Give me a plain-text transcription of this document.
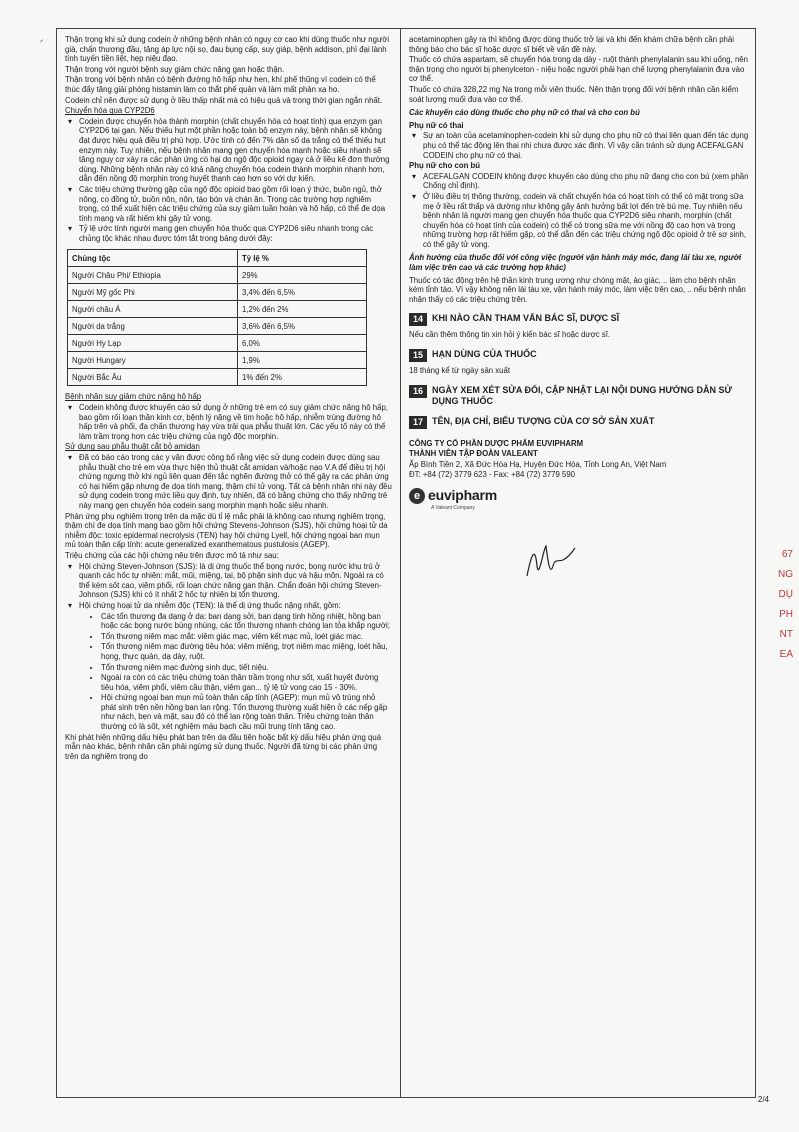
ᐟ	Thận trọng khi sử dụng codein ở những bệnh nhân có nguy cơ cao khi dùng thuốc như người già, chấn thương đầu, tăng áp lực nội sọ, đau bụng cấp, suy giáp, bệnh addison, phì đại lành tính tuyến tiền liệt, hẹp niệu đạo.

Thận trọng với người bệnh suy giảm chức năng gan hoặc thận.

Thận trọng với bệnh nhân có bệnh đường hô hấp như hen, khí phế thũng vì codein có thể thúc đẩy tăng giải phóng histamin làm co thắt phế quản và làm mất phản xạ ho.

Codein chỉ nên được sử dụng ở liều thấp nhất mà có hiệu quả và trong thời gian ngắn nhất.

Chuyển hóa qua CYP2D6

▾ Codein được chuyển hóa thành morphin (chất chuyển hóa có hoạt tính) qua enzym gan CYP2D6 tại gan. Nếu thiếu hụt một phần hoặc toàn bộ enzym này, bệnh nhân sẽ không đạt được hiệu quả điều trị phù hợp. Ước tính có đến 7% dân số da trắng có thể thiếu hụt enzym này. Tuy nhiên, nếu bệnh nhân mang gen chuyển hóa mạnh hoặc siêu nhanh sẽ tăng nguy cơ xảy ra các phản ứng có hại do ngộ độc opioid ngay cả ở liều kê đơn thường dùng. Những bệnh nhân này có khả năng chuyển hóa codein thành morphin nhanh hơn, dẫn đến nồng độ morphin trong huyết thanh cao hơn so với dự kiến.
▾ Các triệu chứng thường gặp của ngộ độc opioid bao gồm rối loạn ý thức, buồn ngủ, thở nông, co đồng tử, buồn nôn, nôn, táo bón và chán ăn. Trong các trường hợp nghiêm trọng, có thể xuất hiện các triệu chứng của suy giảm tuần hoàn và hô hấp, có thể đe dọa tính mạng và rất hiếm khi gây tử vong.
▾ Tỷ lệ ước tính người mang gen chuyển hóa thuốc qua CYP2D6 siêu nhanh trong các chủng tộc khác nhau được tóm tắt trong bảng dưới đây:
Chủng tộc	Tỷ lệ %
Người Châu Phi/ Ethiopia	29%
Người Mỹ gốc Phi	3,4% đến 6,5%
Người châu Á	1,2% đến 2%
Người da trắng	3,6% đến 6,5%
Người Hy Lạp	6,0%
Người Hungary	1,9%
Người Bắc Âu	1% đến 2%

Bệnh nhân suy giảm chức năng hô hấp

▾ Codein không được khuyến cáo sử dụng ở những trẻ em có suy giảm chức năng hô hấp, bao gồm rối loạn thần kinh cơ, bệnh lý nặng về tim hoặc hô hấp, nhiễm trùng đường hô hấp trên và phổi, đa chấn thương hay vừa trải qua phẫu thuật lớn. Các yếu tố này có thể làm trầm trọng hơn các triệu chứng của ngộ độc morphin.

Sử dụng sau phẫu thuật cắt bỏ amidan

▾ Đã có báo cáo trong các y văn được công bố rằng việc sử dụng codein được dùng sau phẫu thuật cho trẻ em vừa thực hiện thủ thuật cắt amidan và/hoặc nạo V.A để điều trị hội chứng ngưng thở khi ngủ liên quan đến tắc nghẽn đường thở có thể gây ra các phản ứng có hại hiếm gặp nhưng đe dọa tính mạng, thậm chí tử vong. Tất cả bệnh nhân nhi này đều sử dụng codein trong mức liều quy định, tuy nhiên, đã có bằng chứng cho thấy những trẻ này mang gen chuyển hóa codein sang morphin mạnh hoặc siêu nhanh.

Phản ứng phụ nghiêm trọng trên da mặc dù tỉ lệ mắc phải là không cao nhưng nghiêm trọng, thậm chí đe dọa tính mạng bao gồm hội chứng Stevens-Johnson (SJS), hội chứng hoại tử da nhiễm độc: toxic epidermal necrolysis (TEN) hay hội chứng Lyell, hội chứng ngoại ban mụn mủ toàn thân cấp tính: acute generalized exanthematous pustulosis (AGEP).

Triệu chứng của các hội chứng nêu trên được mô tả như sau:

▾ Hội chứng Steven-Johnson (SJS): là dị ứng thuốc thể bọng nước, bọng nước khu trú ở quanh các hốc tự nhiên: mắt, mũi, miệng, tai, bộ phận sinh dục và hậu môn. Ngoài ra có thể kèm sốt cao, viêm phổi, rối loạn chức năng gan thận. Chẩn đoán hội chứng Steven-Johnson (SJS) khi có ít nhất 2 hốc tự nhiên bị tổn thương.
▾ Hội chứng hoại tử da nhiễm độc (TEN): là thể dị ứng thuốc nặng nhất, gồm:
• Các tổn thương đa dạng ở da: ban dạng sởi, ban dạng tinh hồng nhiệt, hồng ban hoặc các bọng nước bùng nhùng, các tổn thương nhanh chóng lan tỏa khắp người;
• Tổn thương niêm mạc mắt: viêm giác mạc, viêm kết mạc mủ, loét giác mạc.
• Tổn thương niêm mạc đường tiêu hóa: viêm miệng, trợt niêm mạc miệng, loét hầu, họng, thực quản, dạ dày, ruột.
• Tổn thương niêm mạc đường sinh dục, tiết niệu.
• Ngoài ra còn có các triệu chứng toàn thân trầm trọng như sốt, xuất huyết đường tiêu hóa, viêm phổi, viêm cầu thận, viêm gan... tỷ lệ tử vong cao 15 - 30%.
• Hội chứng ngoại ban mụn mủ toàn thân cấp tính (AGEP): mụn mủ vô trùng nhỏ phát sinh trên nền hồng ban lan rộng. Tổn thương thường xuất hiện ở các nếp gấp như nách, bẹn và mặt, sau đó có thể lan rộng toàn thân. Triệu chứng toàn thân thường có là sốt, xét nghiệm máu bạch cầu mũi trung tính tăng cao.

Khi phát hiện những dấu hiệu phát ban trên da đầu tiên hoặc bất kỳ dấu hiệu phản ứng quá mẫn nào khác, bệnh nhân cần phải ngừng sử dụng thuốc. Người đã từng bị các phản ứng trên da nghiêm trọng do

acetaminophen gây ra thì không được dùng thuốc trở lại và khi đến khám chữa bệnh cần phải thông báo cho bác sĩ hoặc dược sĩ biết về vấn đề này.

Thuốc có chứa aspartam, sẽ chuyển hóa trong dạ dày - ruột thành phenylalanin sau khi uống, nên thận trọng cho người bị phenylceton - niệu hoặc người phải hạn chế lượng phenylalanin đưa vào cơ thể.

Thuốc có chứa 328,22 mg Na trong mỗi viên thuốc. Nên thận trọng đối với bệnh nhân cần kiểm soát lượng muối đưa vào cơ thể.

Các khuyến cáo dùng thuốc cho phụ nữ có thai và cho con bú

Phụ nữ có thai

▾ Sự an toàn của acetaminophen-codein khi sử dụng cho phụ nữ có thai liên quan đến tác dụng phụ có thể tác động lên thai nhi chưa được xác định. Vì vậy cần tránh sử dụng ACEFALGAN CODEIN cho phụ nữ có thai.

Phụ nữ cho con bú

▾ ACEFALGAN CODEIN không được khuyến cáo dùng cho phụ nữ đang cho con bú (xem phần Chống chỉ định).
▾ Ở liều điều trị thông thường, codein và chất chuyển hóa có hoạt tính có thể có mặt trong sữa mẹ ở liều rất thấp và dường như không gây ảnh hưởng bất lợi đến trẻ bú mẹ. Tuy nhiên nếu bệnh nhân là người mang gen chuyển hóa thuốc qua CYP2D6 siêu nhanh, morphin (chất chuyển hóa có hoạt tính của codein) có thể có trong sữa mẹ với nồng độ cao hơn và trong những trường hợp rất hiếm gặp, có thể dẫn đến các triệu chứng ngộ độc opioid ở trẻ sơ sinh, có thể gây tử vong.

Ảnh hưởng của thuốc đối với công việc (người vận hành máy móc, đang lái tàu xe, người làm việc trên cao và các trường hợp khác)

Thuốc có tác động trên hệ thần kinh trung ương như chóng mặt, ảo giác, .. làm cho bệnh nhân kém tỉnh táo. Vì vậy không nên lái tàu xe, vận hành máy móc, làm việc trên cao, .. nếu bệnh nhân nhận thấy có các triệu chứng trên.

14	KHI NÀO CẦN THAM VẤN BÁC SĨ, DƯỢC SĨ

Nếu cần thêm thông tin xin hỏi ý kiến bác sĩ hoặc dược sĩ.

15	HẠN DÙNG CỦA THUỐC

18 tháng kể từ ngày sản xuất

16	NGÀY XEM XÉT SỬA ĐỔI, CẬP NHẬT LẠI NỘI DUNG HƯỚNG DẪN SỬ DỤNG THUỐC
17	TÊN, ĐỊA CHỈ, BIỂU TƯỢNG CỦA CƠ SỞ SẢN XUẤT

CÔNG TY CỔ PHẦN DƯỢC PHẨM EUVIPHARM

THÀNH VIÊN TẬP ĐOÀN VALEANT

Ấp Bình Tiền 2, Xã Đức Hòa Hạ, Huyện Đức Hòa, Tỉnh Long An, Việt Nam

ĐT: +84 (72) 3779 623 - Fax: +84 (72) 3779 590

e euvipharm
A Valeant Company
67
NG
DỤ
PH
NT
EA
2/4
